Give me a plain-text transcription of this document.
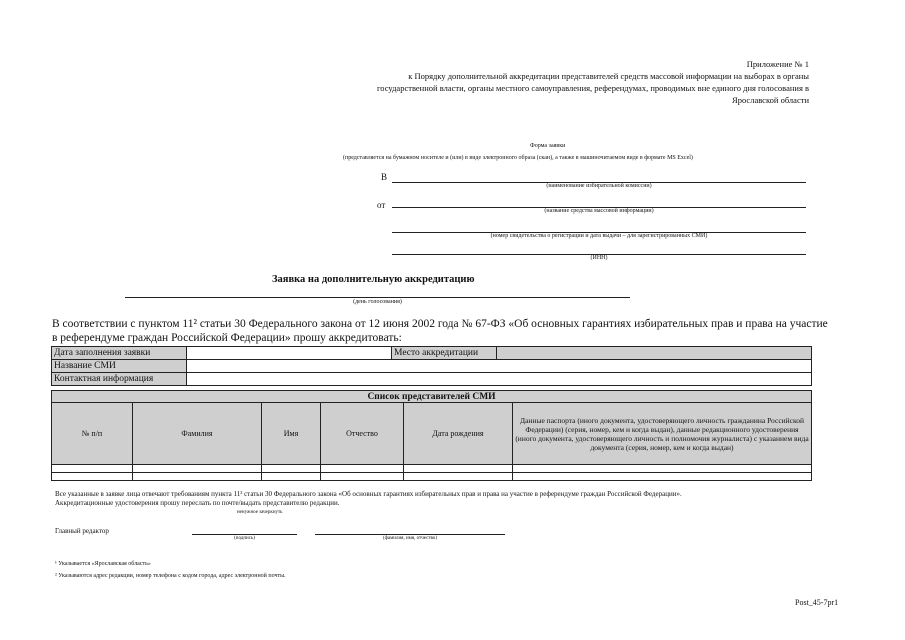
Приложение № 1
к Порядку дополнительной аккредитации представителей средств массовой информации на выборах в органы
государственной власти, органы местного самоуправления, референдумах, проводимых вне единого дня голосования в
Ярославской области
Форма заявки
(представляется на бумажном носителе и (или) в виде электронного образа (скан), а также в машиночитаемом виде в формате MS Excel)
В
(наименование избирательной комиссии)
от
(название средства массовой информации)
(номер свидетельства о регистрации и дата выдачи – для зарегистрированных СМИ)
(ИНН)
Заявка на дополнительную аккредитацию
(день голосования)
В соответствии с пунктом 11² статьи 30 Федерального закона от 12 июня 2002 года № 67-ФЗ «Об основных гарантиях избирательных прав и права на участие
в референдуме граждан Российской Федерации» прошу аккредитовать:
Дата заполнения заявки		Место аккредитации	
Название СМИ			
Контактная информация			
Список представителей СМИ					
№ п/п	Фамилия	Имя	Отчество	Дата рождения	Данные паспорта (иного документа, удостоверяющего личность гражданина Российской Федерации) (серия, номер, кем и когда выдан), данные редакционного удостоверения (иного документа, удостоверяющего личность и полномочия журналиста) с указанием вида документа (серия, номер, кем и когда выдан)

Все указанные в заявке лица отвечают требованиям пункта 11² статьи 30 Федерального закона «Об основных гарантиях избирательных прав и права на участие в референдуме граждан Российской Федерации».
Аккредитационные удостоверения прошу переслать по почте/выдать представителю редакции.
ненужное зачеркнуть
Главный редактор
(подпись)	(фамилия, имя, отчество)
¹ Указывается «Ярославская область»
² Указываются адрес редакции, номер телефона с кодом города, адрес электронной почты.
Post_45-7pr1
